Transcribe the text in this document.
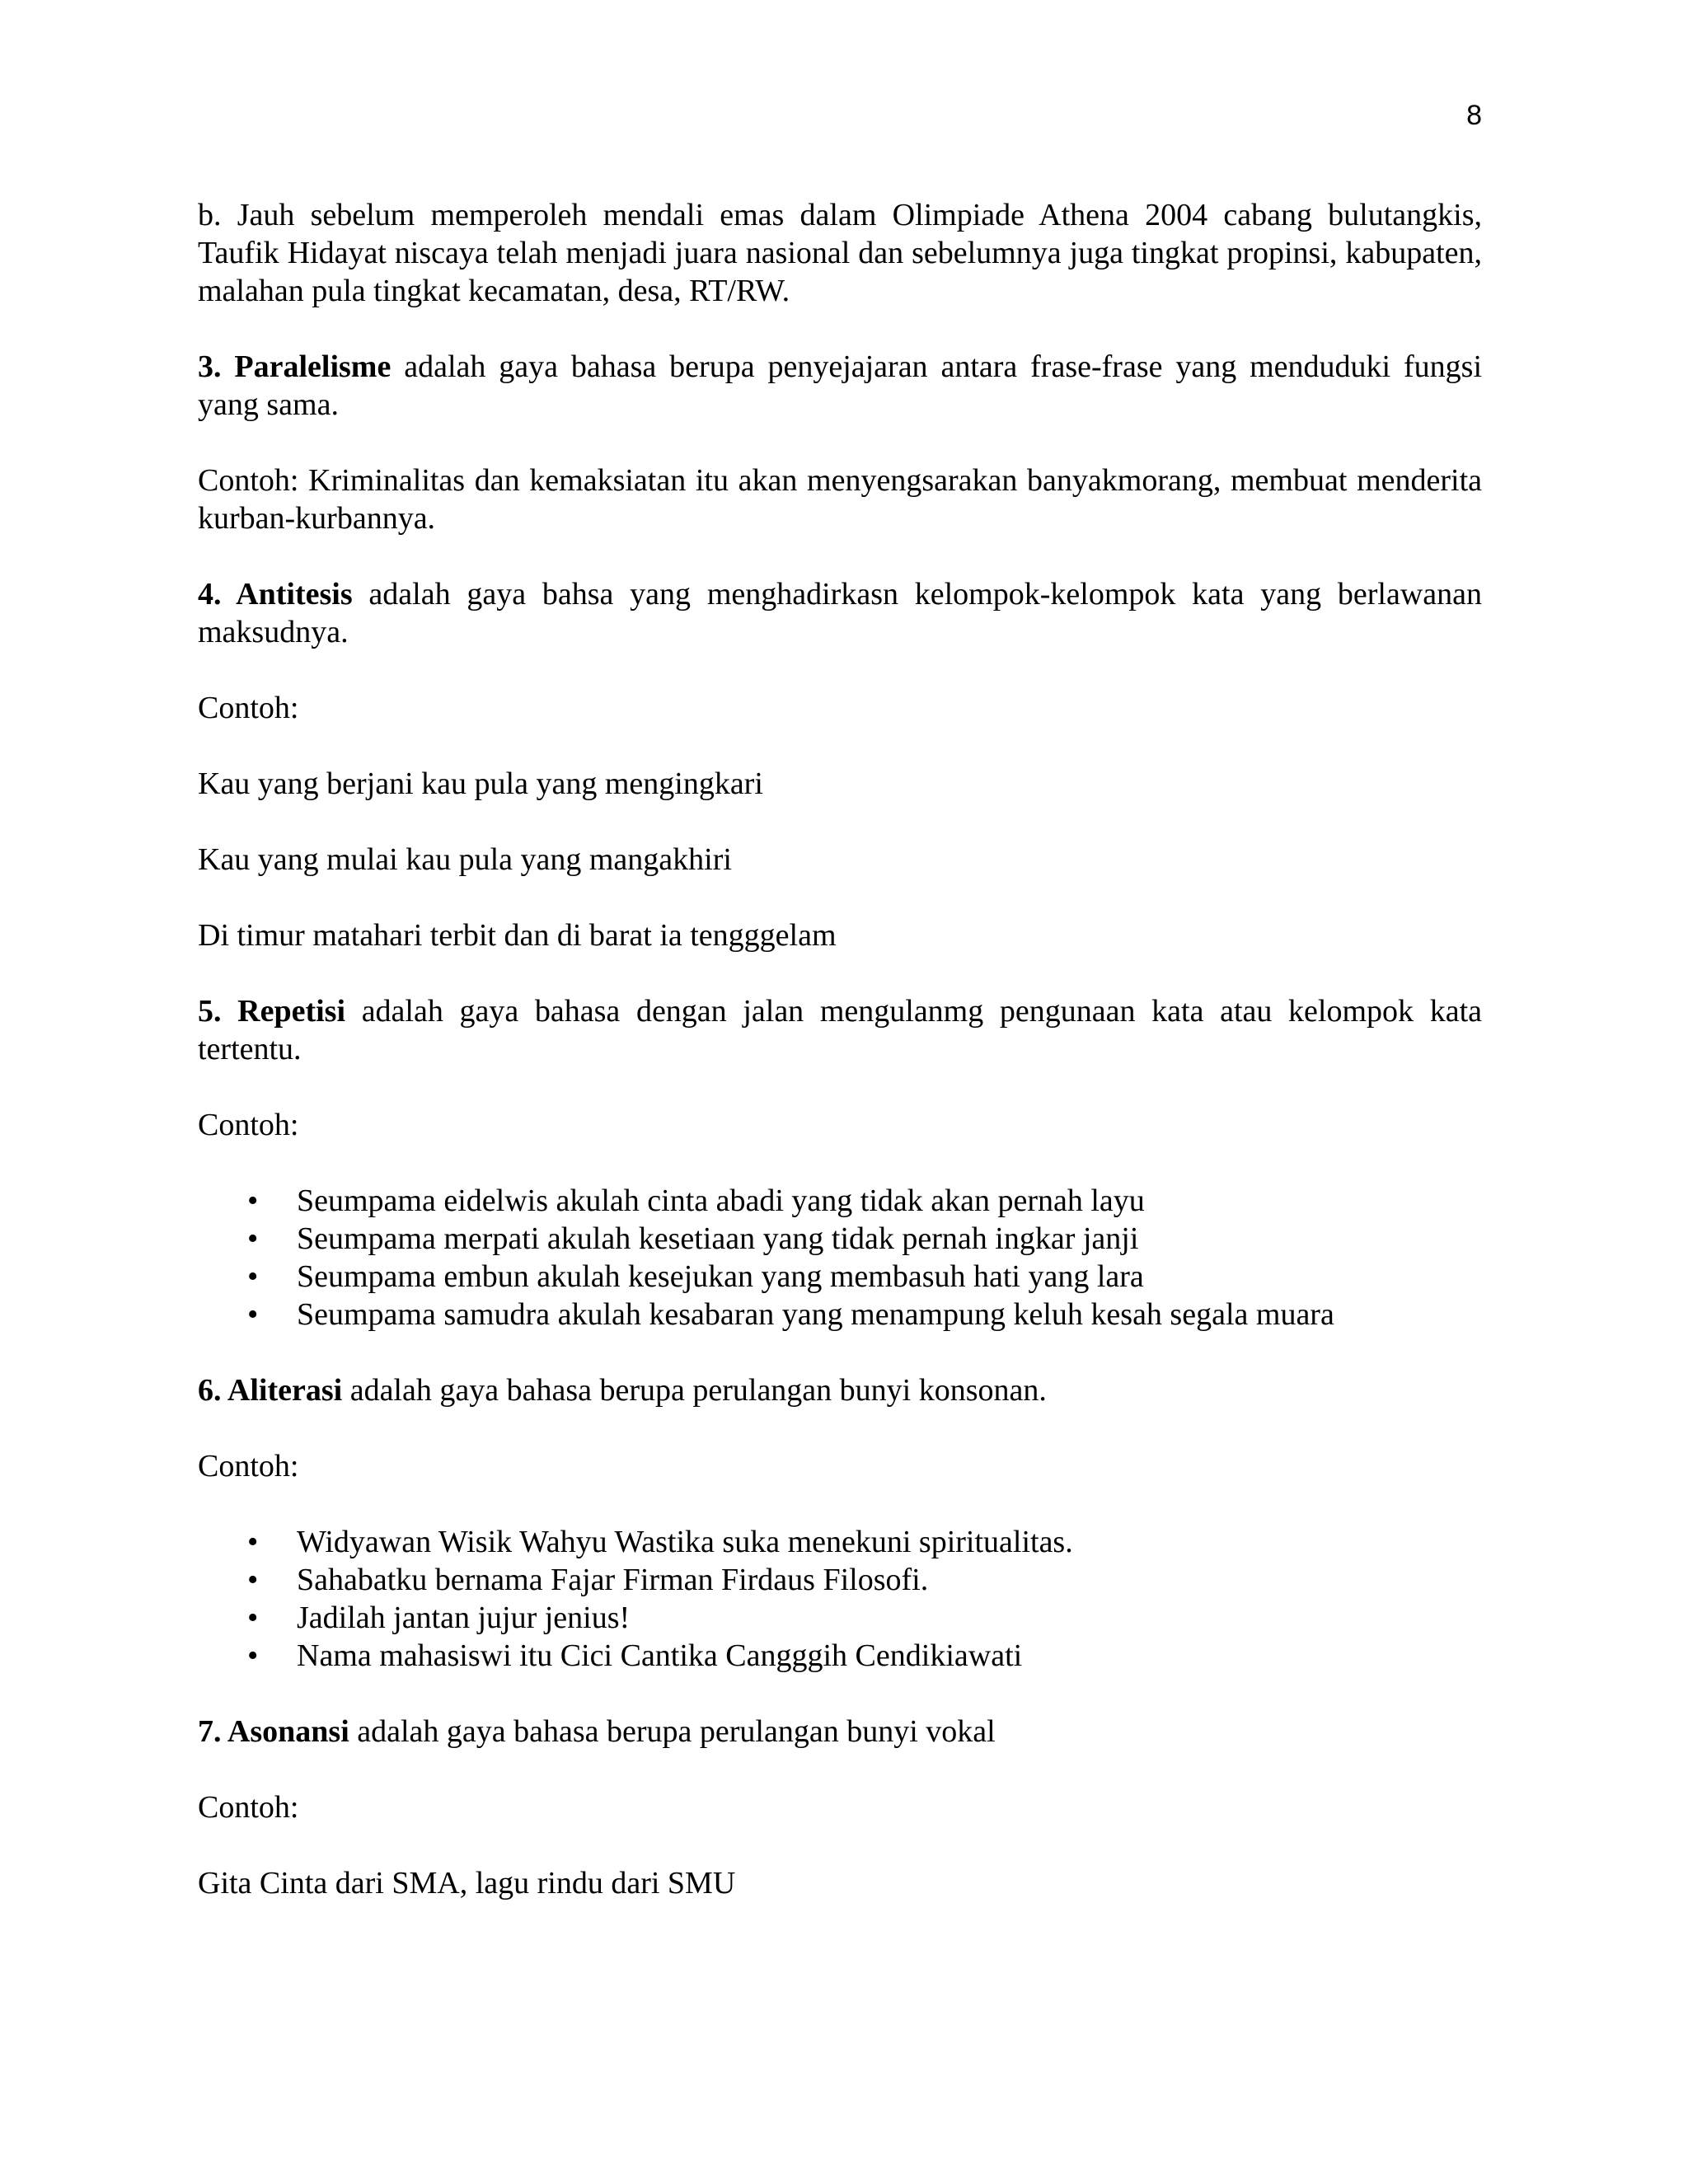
8

b. Jauh sebelum memperoleh mendali emas dalam Olimpiade Athena 2004 cabang bulutangkis, Taufik Hidayat niscaya telah menjadi juara nasional dan sebelumnya juga tingkat propinsi, kabupaten, malahan pula tingkat kecamatan, desa, RT/RW.

3. Paralelisme adalah gaya bahasa berupa penyejajaran antara frase-frase yang menduduki fungsi yang sama.

Contoh: Kriminalitas dan kemaksiatan itu akan menyengsarakan banyakmorang, membuat menderita kurban-kurbannya.

4. Antitesis adalah gaya bahsa yang menghadirkasn kelompok-kelompok kata yang berlawanan maksudnya.

Contoh:

Kau yang berjani kau pula yang mengingkari

Kau yang mulai kau pula yang mangakhiri

Di timur matahari terbit dan di barat ia tengggelam

5. Repetisi adalah gaya bahasa dengan jalan mengulanmg pengunaan kata atau kelompok kata tertentu.

Contoh:

• Seumpama eidelwis akulah cinta abadi yang tidak akan pernah layu
• Seumpama merpati akulah kesetiaan yang tidak pernah ingkar janji
• Seumpama embun akulah kesejukan yang membasuh hati yang lara
• Seumpama samudra akulah kesabaran yang menampung keluh kesah segala muara

6. Aliterasi adalah gaya bahasa berupa perulangan bunyi konsonan.

Contoh:

• Widyawan Wisik Wahyu Wastika suka menekuni spiritualitas.
• Sahabatku bernama Fajar Firman Firdaus Filosofi.
• Jadilah jantan jujur jenius!
• Nama mahasiswi itu Cici Cantika Cangggih Cendikiawati

7. Asonansi adalah gaya bahasa berupa perulangan bunyi vokal

Contoh:

Gita Cinta dari SMA, lagu rindu dari SMU
